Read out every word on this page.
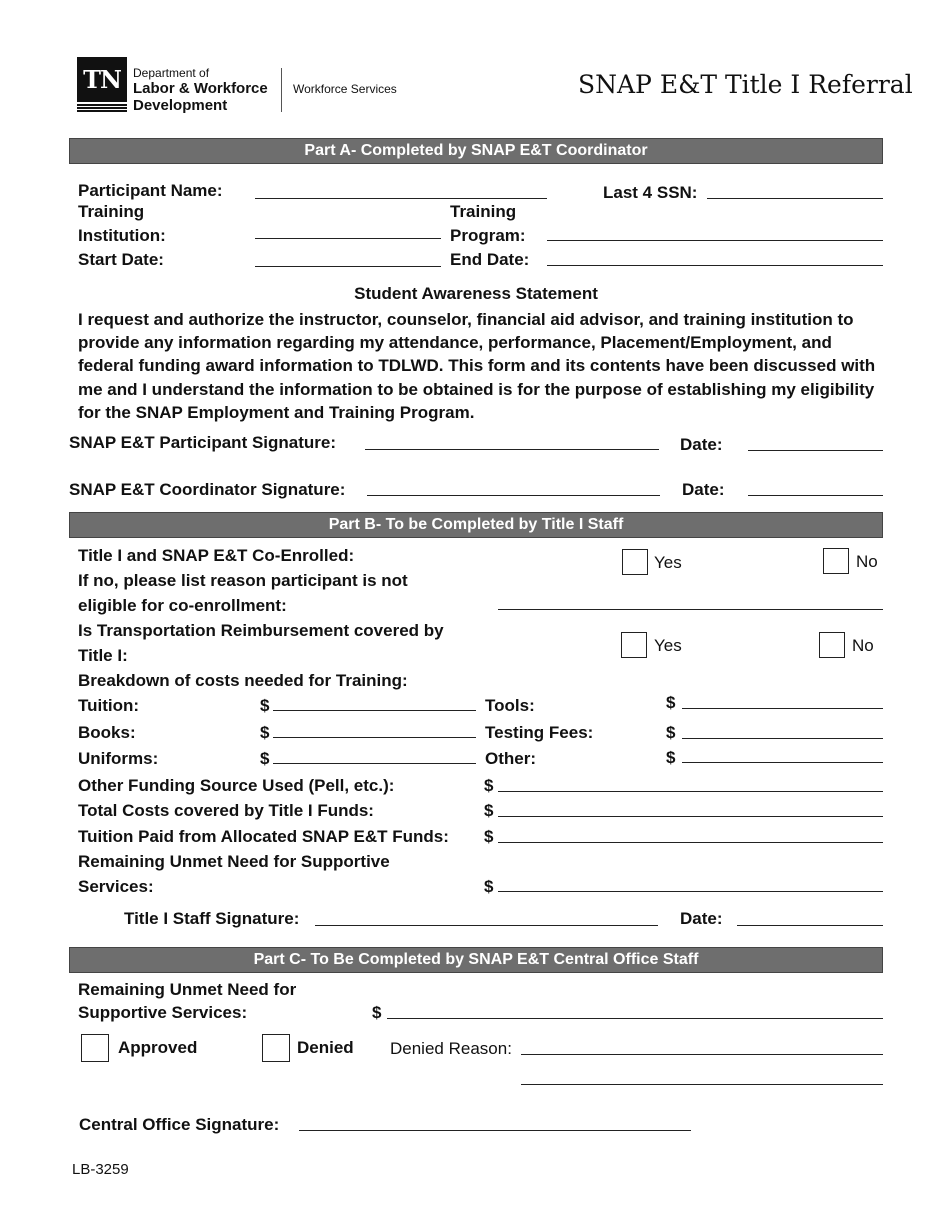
TN	Department of
Labor & Workforce
Development
Workforce Services	SNAP E&T Title I Referral
Part A- Completed by SNAP E&T Coordinator
Participant Name:	Last 4 SSN:
Training
Institution:
Training
Program:
Start Date:	End Date:
Student Awareness Statement
I request and authorize the instructor, counselor, financial aid advisor, and training institution to provide any information regarding my attendance, performance, Placement/Employment, and federal funding award information to TDLWD. This form and its contents have been discussed with me and I understand the information to be obtained is for the purpose of establishing my eligibility for the SNAP Employment and Training Program.
SNAP E&T Participant Signature:	Date:
SNAP E&T Coordinator Signature:	Date:
Part B- To be Completed by Title I Staff
Title I and SNAP E&T Co-Enrolled:	Yes	No
If no, please list reason participant is not
eligible for co-enrollment:
Is Transportation Reimbursement covered by
Title I:
Yes	No
Breakdown of costs needed for Training:
Tuition:	$	Tools:	$
Books:	$	Testing Fees:	$
Uniforms:	$	Other:	$
Other Funding Source Used (Pell, etc.):	$
Total Costs covered by Title I Funds:	$
Tuition Paid from Allocated SNAP E&T Funds: $
Remaining Unmet Need for Supportive
Services:	$
Title I Staff Signature:	Date:
Part C- To Be Completed by SNAP E&T Central Office Staff
Remaining Unmet Need for
Supportive Services:	$
Approved	Denied Denied Reason:
Central Office Signature:
LB-3259
